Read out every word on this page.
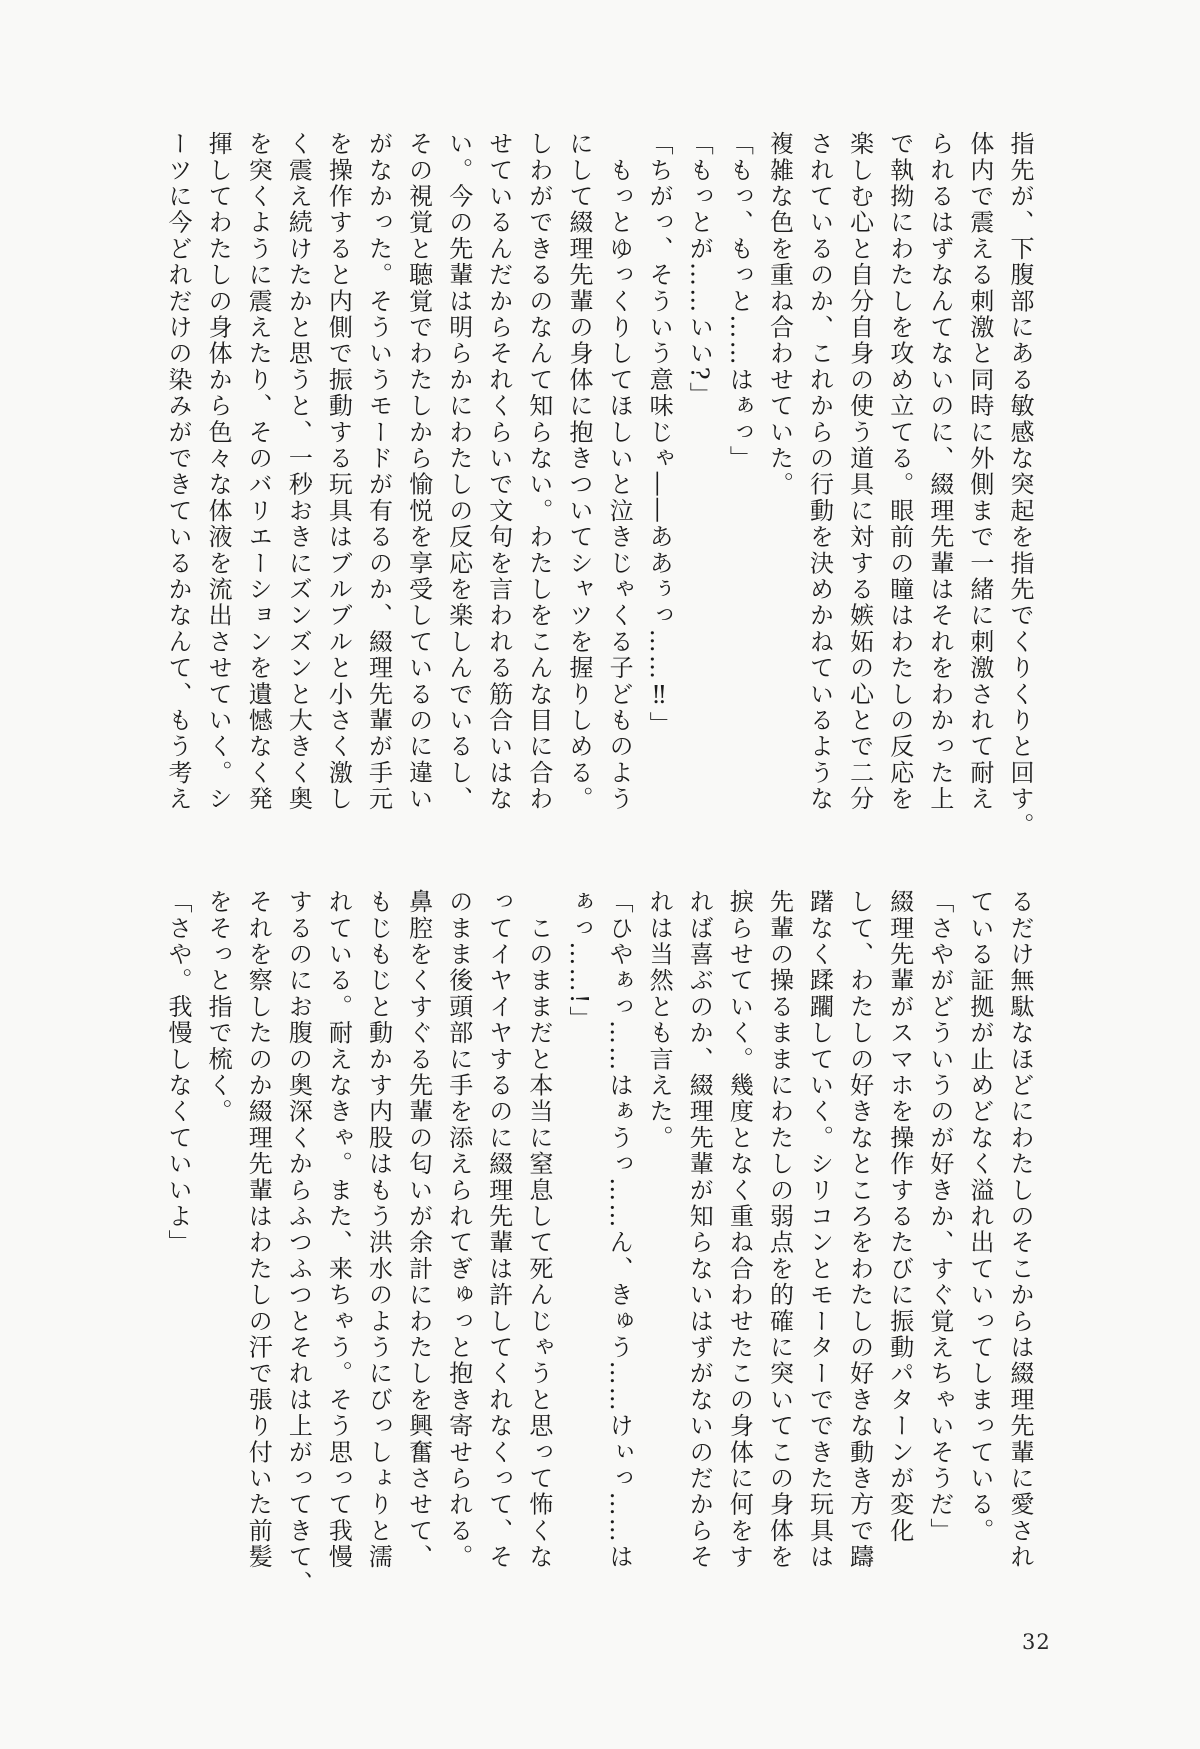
指先が、下腹部にある敏感な突起を指先でくりくりと回す。
体内で震える刺激と同時に外側まで一緒に刺激されて耐え
られるはずなんてないのに、綴理先輩はそれをわかった上
で執拗にわたしを攻め立てる。眼前の瞳はわたしの反応を
楽しむ心と自分自身の使う道具に対する嫉妬の心とで二分
されているのか、これからの行動を決めかねているような
複雑な色を重ね合わせていた。
「もっ、もっと……はぁっ」
「もっとが……いい?」
「ちがっ、そういう意味じゃ――ああぅっ……‼」
　もっとゆっくりしてほしいと泣きじゃくる子どものよう
にして綴理先輩の身体に抱きついてシャツを握りしめる。
しわができるのなんて知らない。わたしをこんな目に合わ
せているんだからそれくらいで文句を言われる筋合いはな
い。今の先輩は明らかにわたしの反応を楽しんでいるし、
その視覚と聴覚でわたしから愉悦を享受しているのに違い
がなかった。そういうモードが有るのか、綴理先輩が手元
を操作すると内側で振動する玩具はブルブルと小さく激し
く震え続けたかと思うと、一秒おきにズンズンと大きく奥
を突くように震えたり、そのバリエーションを遺憾なく発
揮してわたしの身体から色々な体液を流出させていく。シ
ーツに今どれだけの染みができているかなんて、もう考え
るだけ無駄なほどにわたしのそこからは綴理先輩に愛され
ている証拠が止めどなく溢れ出ていってしまっている。
「さやがどういうのが好きか、すぐ覚えちゃいそうだ」
綴理先輩がスマホを操作するたびに振動パターンが変化
して、わたしの好きなところをわたしの好きな動き方で躊
躇なく蹂躙していく。シリコンとモーターでできた玩具は
先輩の操るままにわたしの弱点を的確に突いてこの身体を
捩らせていく。幾度となく重ね合わせたこの身体に何をす
れば喜ぶのか、綴理先輩が知らないはずがないのだからそ
れは当然とも言えた。
「ひやぁっ……はぁうっ……ん、きゅう……けぃっ……は
ぁっ……!」
　このままだと本当に窒息して死んじゃうと思って怖くな
ってイヤイヤするのに綴理先輩は許してくれなくって、そ
のまま後頭部に手を添えられてぎゅっと抱き寄せられる。
鼻腔をくすぐる先輩の匂いが余計にわたしを興奮させて、
もじもじと動かす内股はもう洪水のようにびっしょりと濡
れている。耐えなきゃ。また、来ちゃう。そう思って我慢
するのにお腹の奥深くからふつふつとそれは上がってきて、
それを察したのか綴理先輩はわたしの汗で張り付いた前髪
をそっと指で梳く。
「さや。我慢しなくていいよ」
32
